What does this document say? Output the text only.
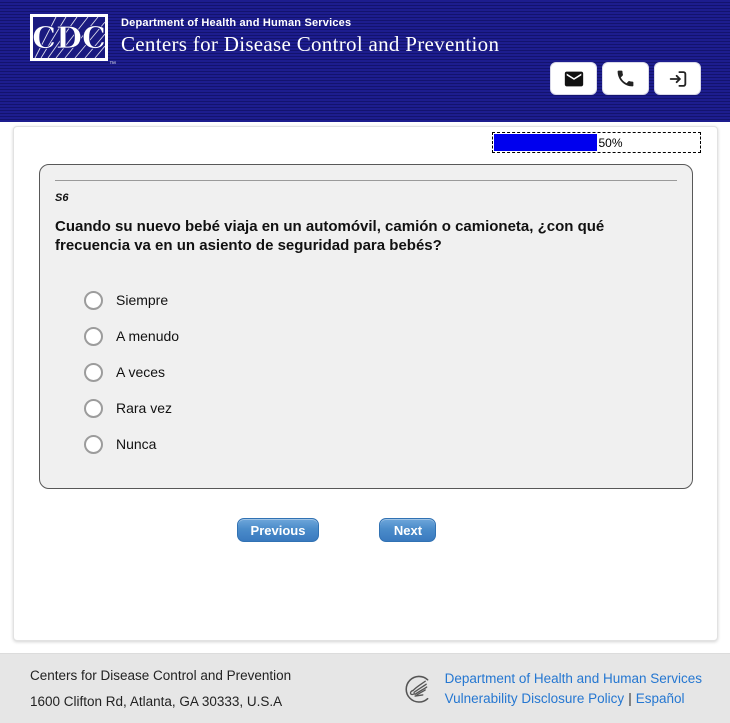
CDC
™
Department of Health and Human Services
Centers for Disease Control and Prevention
50%
S6
Cuando su nuevo bebé viaja en un automóvil, camión o camioneta, ¿con qué frecuencia va en un asiento de seguridad para bebés?
Siempre
A menudo
A veces
Rara vez
Nunca
Previous	Next
Centers for Disease Control and Prevention
1600 Clifton Rd, Atlanta, GA 30333, U.S.A
Department of Health and Human Services
Vulnerability Disclosure Policy | Español
